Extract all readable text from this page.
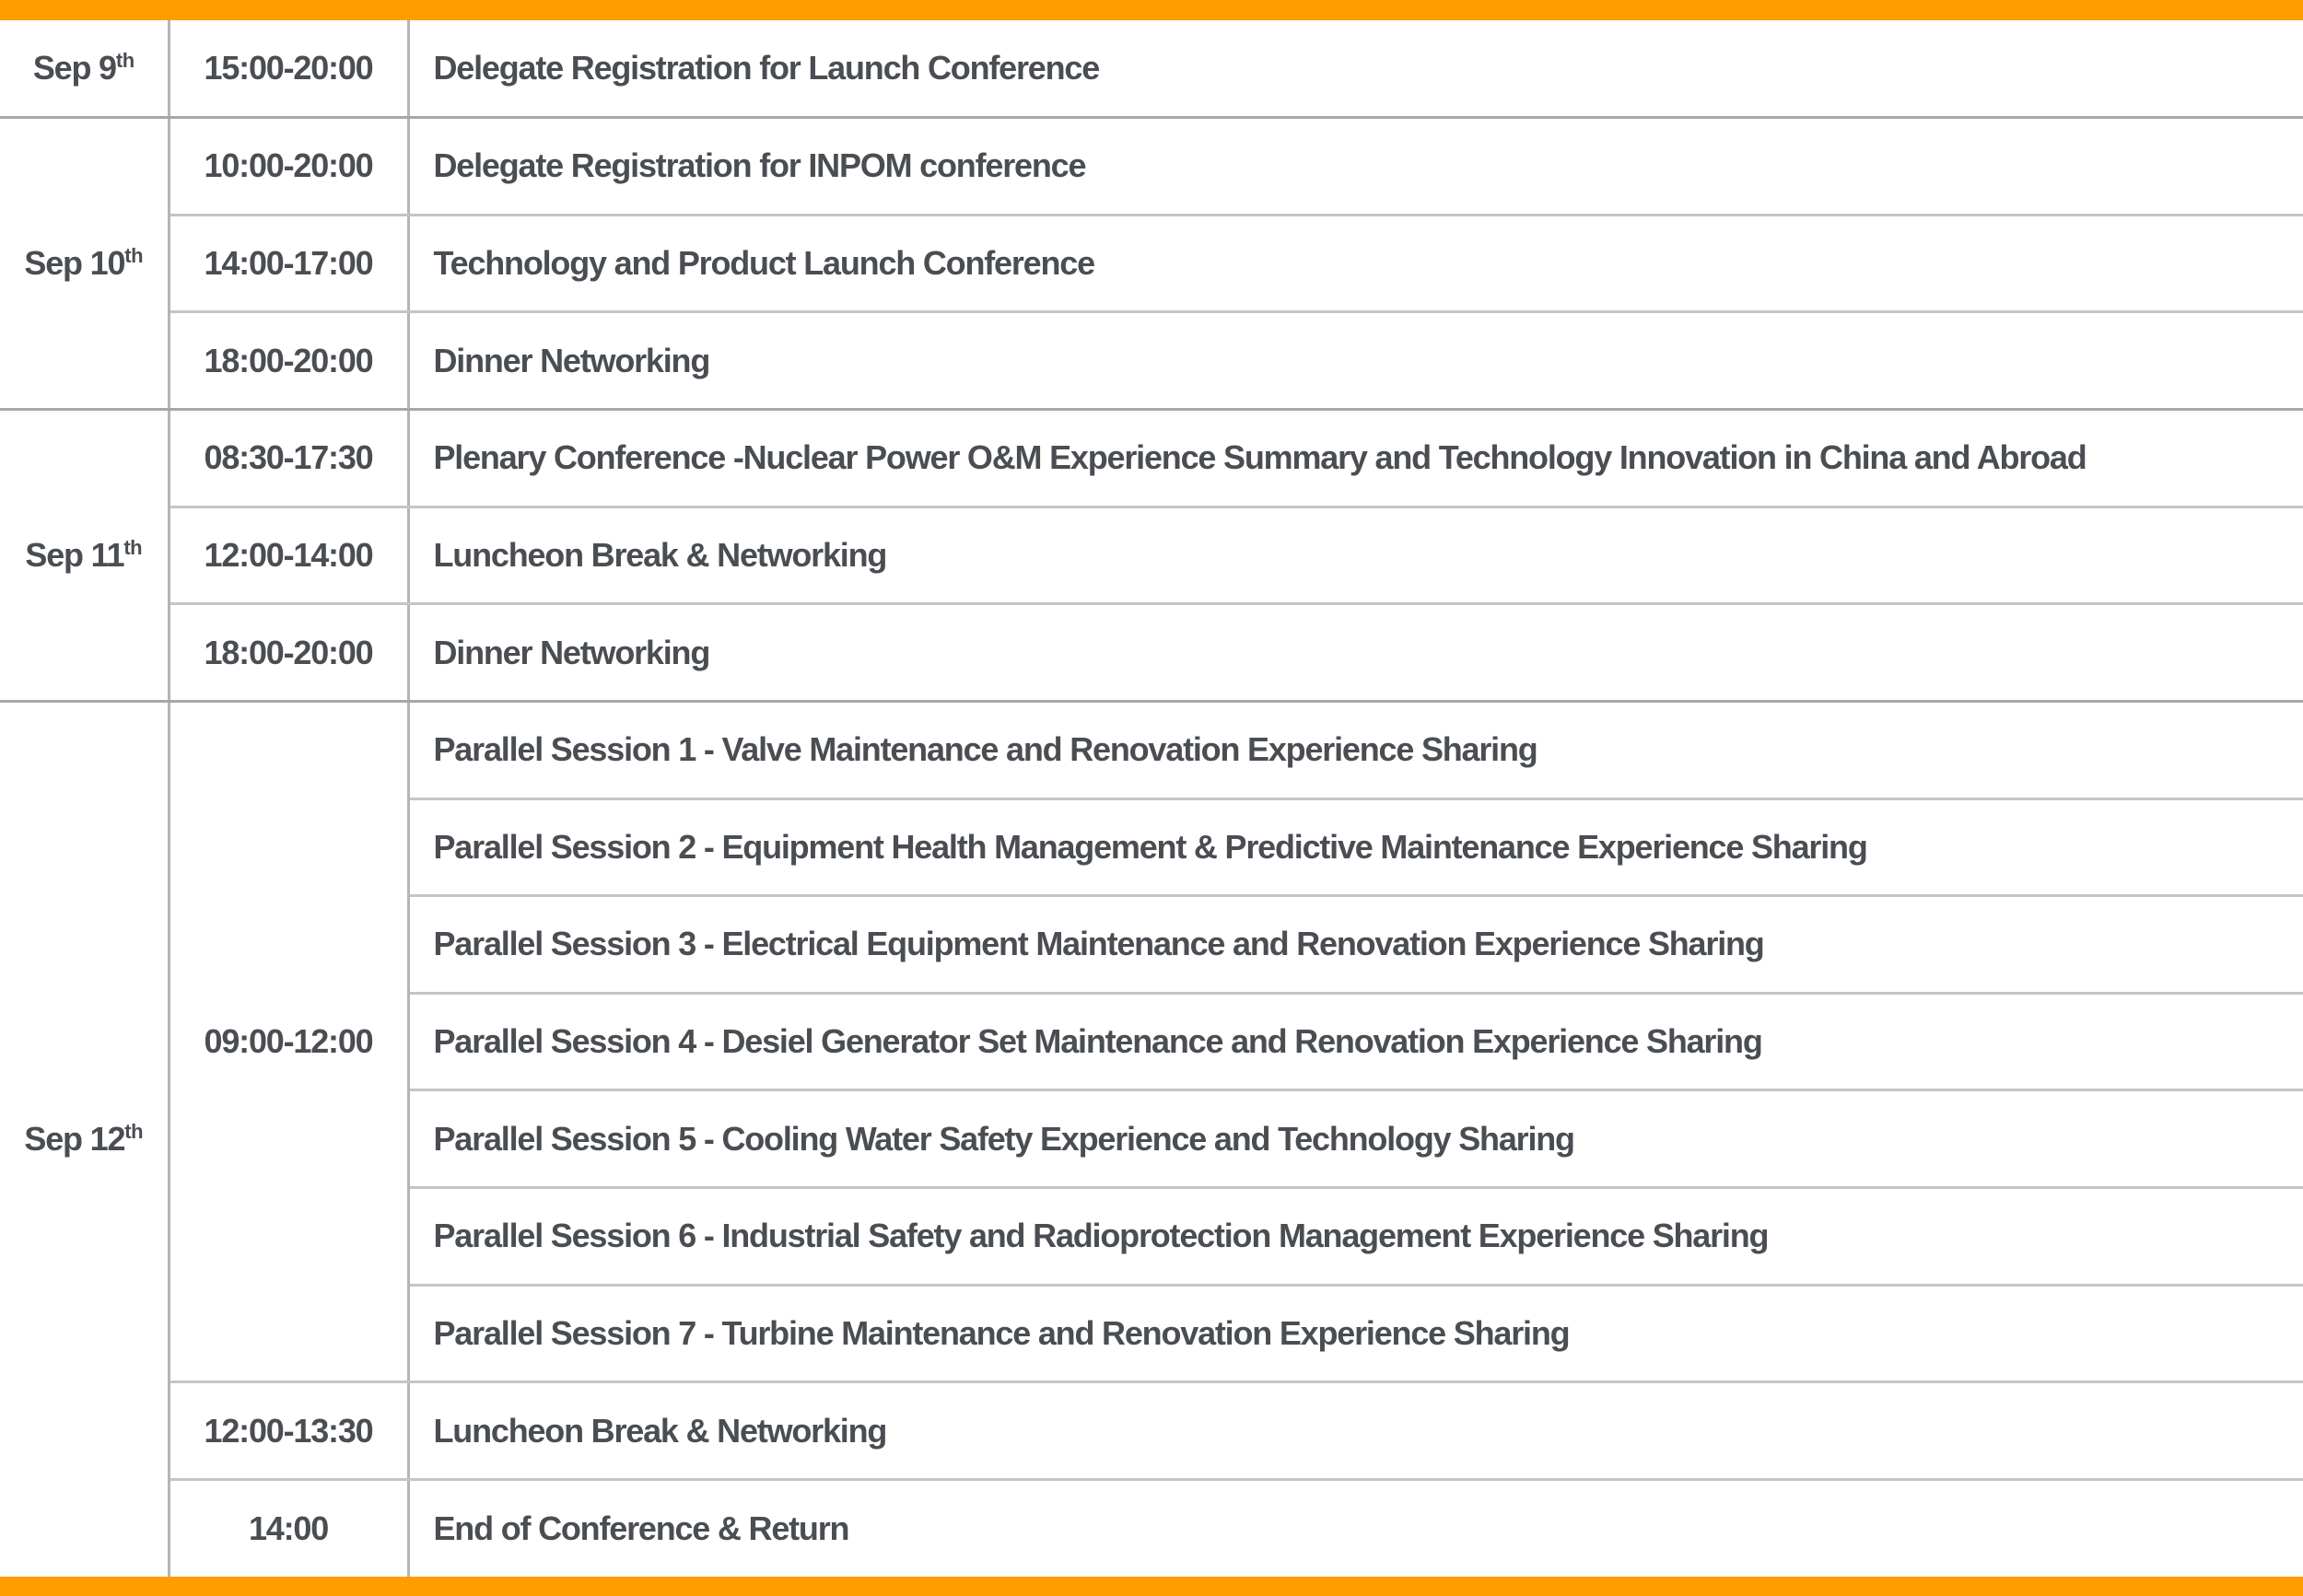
Sep 9th	15:00-20:00	Delegate Registration for Launch Conference
Sep 10th	10:00-20:00	Delegate Registration for INPOM conference
	14:00-17:00	Technology and Product Launch Conference
	18:00-20:00	Dinner Networking
Sep 11th	08:30-17:30	Plenary Conference -Nuclear Power O&M Experience Summary and Technology Innovation in China and Abroad
	12:00-14:00	Luncheon Break & Networking
	18:00-20:00	Dinner Networking
Sep 12th	09:00-12:00	Parallel Session 1 - Valve Maintenance and Renovation Experience Sharing
		Parallel Session 2 - Equipment Health Management & Predictive Maintenance Experience Sharing
		Parallel Session 3 - Electrical Equipment Maintenance and Renovation Experience Sharing
		Parallel Session 4 - Desiel Generator Set Maintenance and Renovation Experience Sharing
		Parallel Session 5 - Cooling Water Safety Experience and Technology Sharing
		Parallel Session 6 - Industrial Safety and Radioprotection Management Experience Sharing
		Parallel Session 7 - Turbine Maintenance and Renovation Experience Sharing
	12:00-13:30	Luncheon Break & Networking
	14:00	End of Conference & Return
